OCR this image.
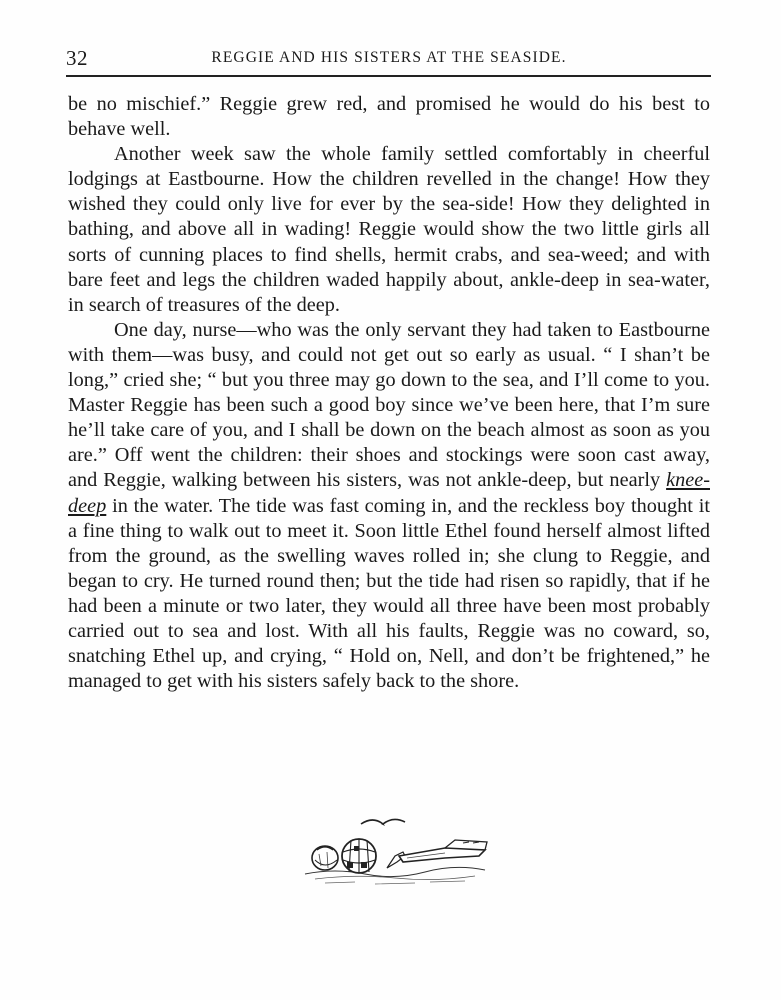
32	REGGIE AND HIS SISTERS AT THE SEASIDE.

be no mischief.” Reggie grew red, and promised he would do his best to behave well.

Another week saw the whole family settled comfortably in cheerful lodgings at Eastbourne. How the children revelled in the change! How they wished they could only live for ever by the sea-side! How they delighted in bathing, and above all in wading! Reggie would show the two little girls all sorts of cunning places to find shells, hermit crabs, and sea-weed; and with bare feet and legs the children waded happily about, ankle-deep in sea-water, in search of treasures of the deep.

One day, nurse—who was the only servant they had taken to Eastbourne with them—was busy, and could not get out so early as usual. “ I shan’t be long,” cried she; “ but you three may go down to the sea, and I’ll come to you. Master Reggie has been such a good boy since we’ve been here, that I’m sure he’ll take care of you, and I shall be down on the beach almost as soon as you are.” Off went the children: their shoes and stockings were soon cast away, and Reggie, walking between his sisters, was not ankle-deep, but nearly knee-deep in the water. The tide was fast coming in, and the reckless boy thought it a fine thing to walk out to meet it. Soon little Ethel found herself almost lifted from the ground, as the swelling waves rolled in; she clung to Reggie, and began to cry. He turned round then; but the tide had risen so rapidly, that if he had been a minute or two later, they would all three have been most probably carried out to sea and lost. With all his faults, Reggie was no coward, so, snatching Ethel up, and crying, “ Hold on, Nell, and don’t be frightened,” he managed to get with his sisters safely back to the shore.
